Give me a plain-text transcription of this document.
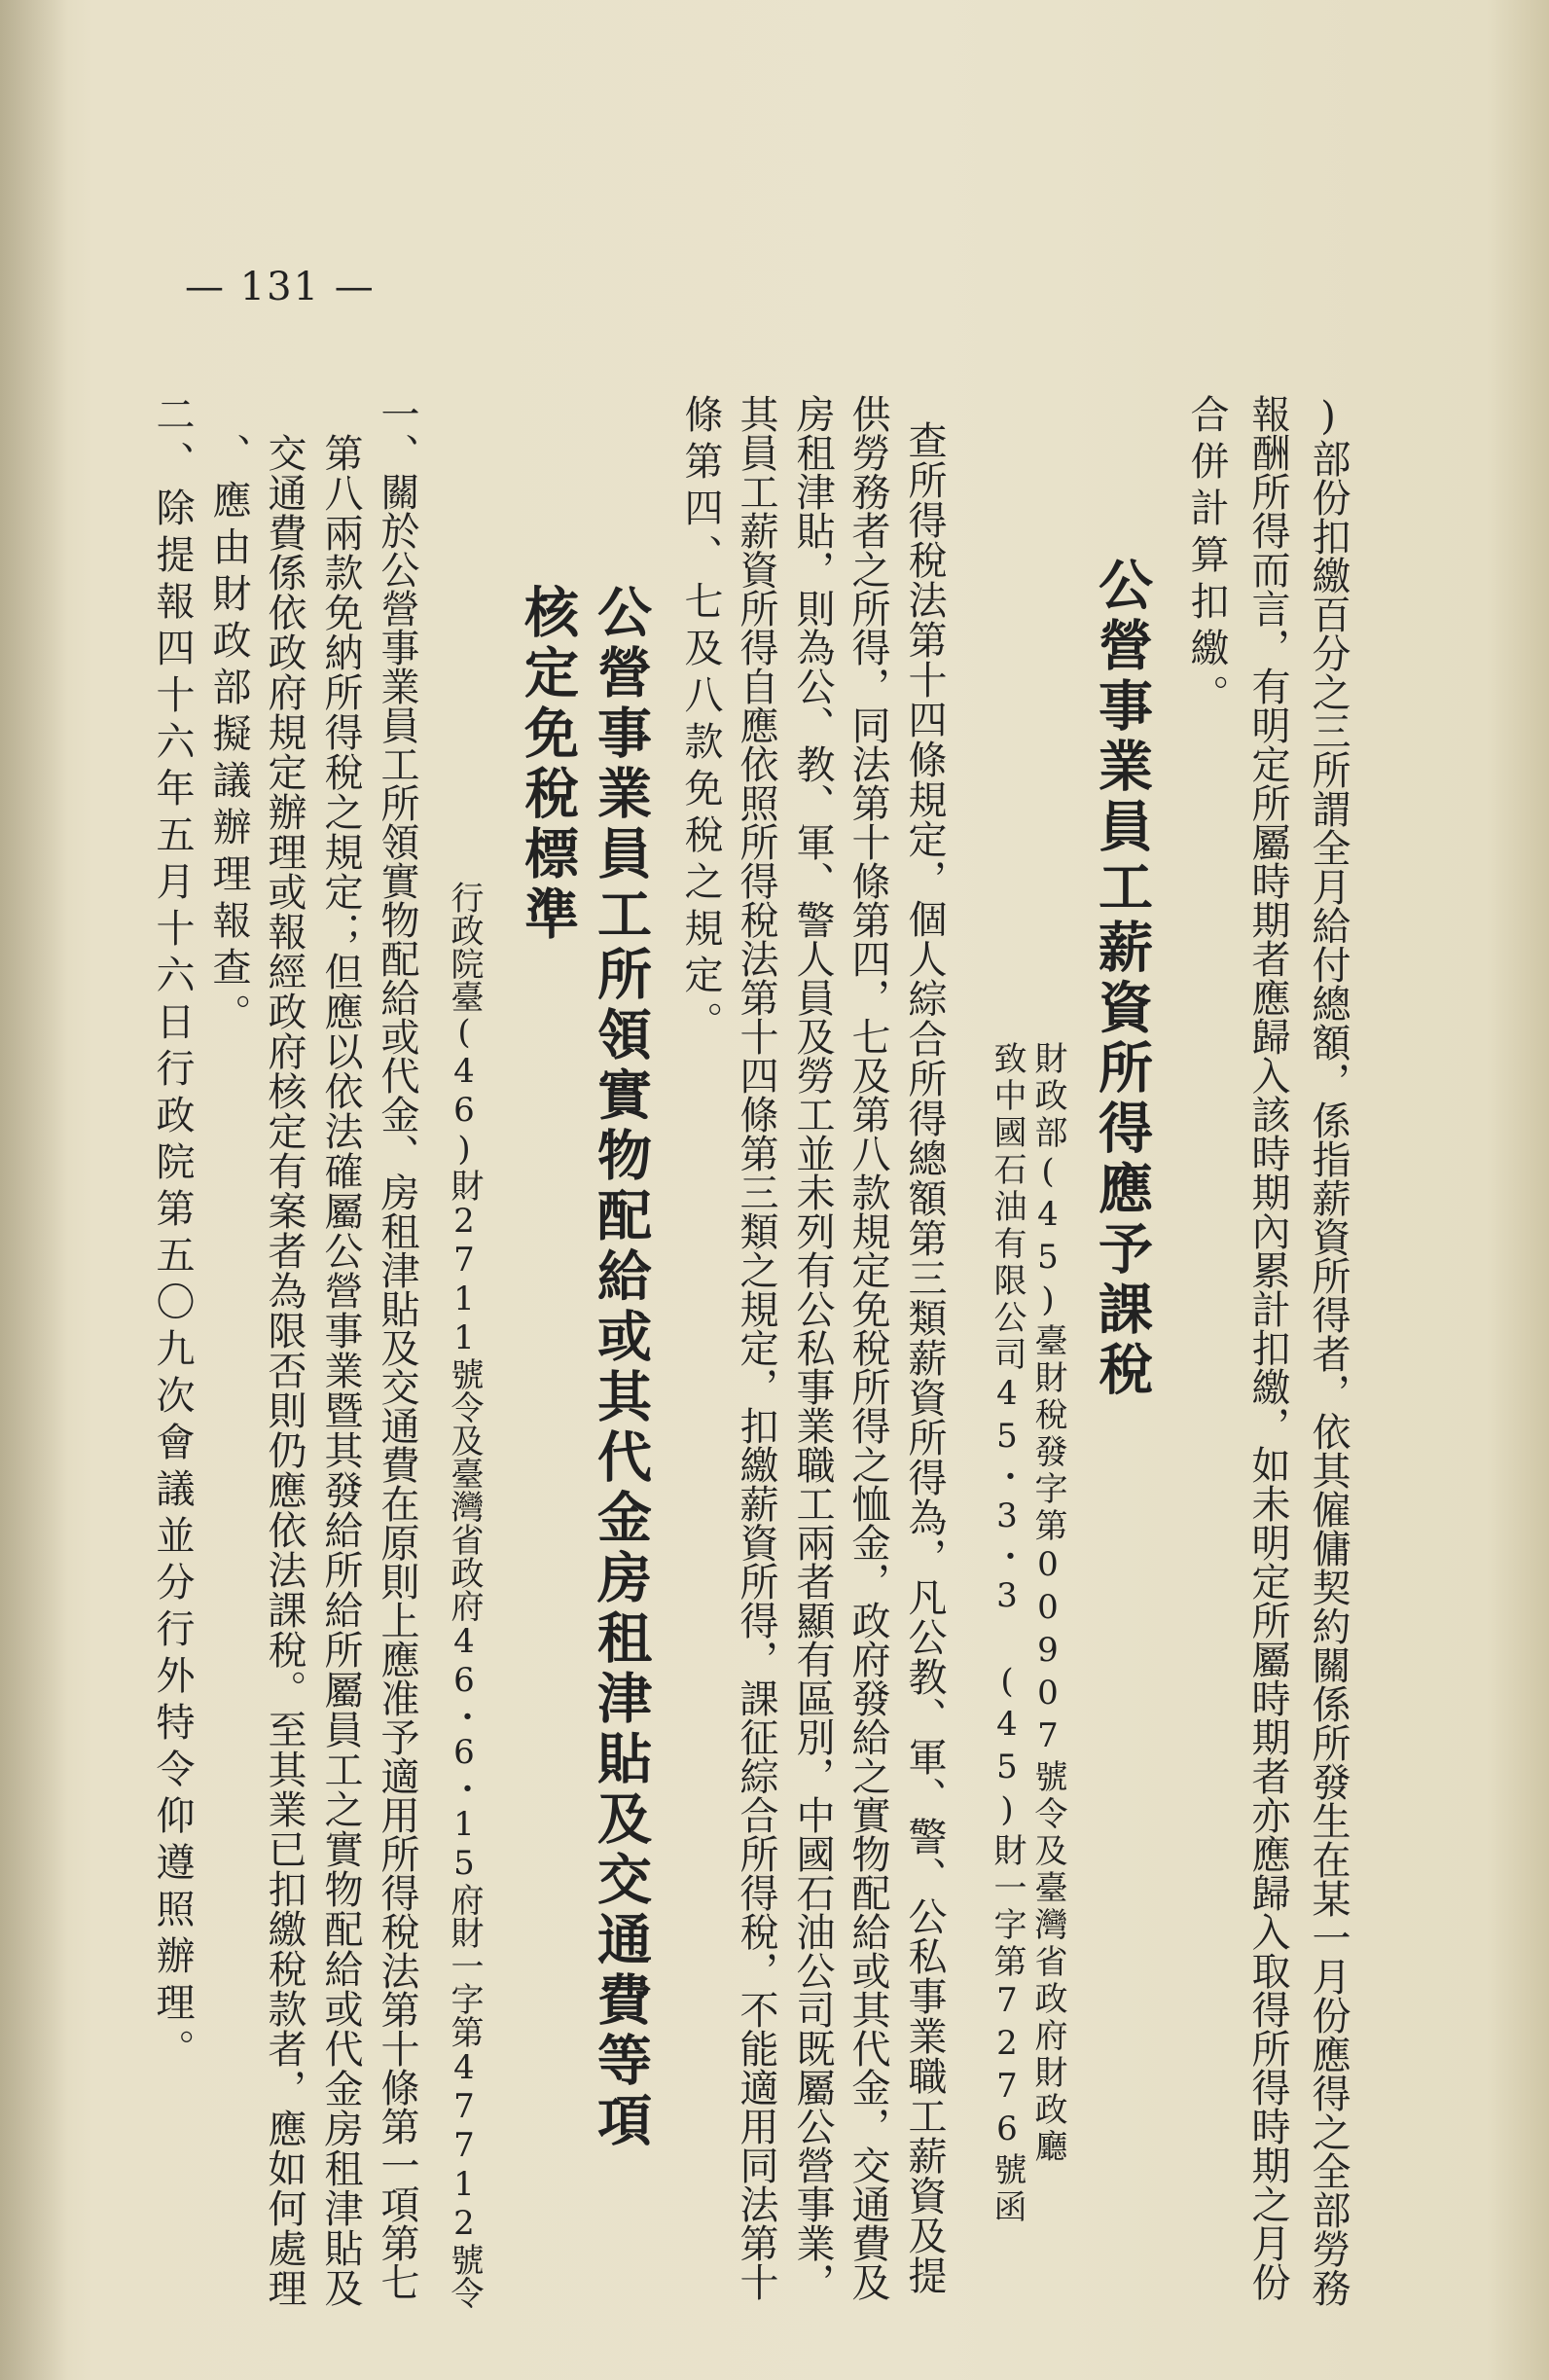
— 131 —
)部份扣繳百分之三所謂全月給付總額，係指薪資所得者，依其僱傭契約關係所發生在某一月份應得之全部勞務
報酬所得而言，有明定所屬時期者應歸入該時期內累計扣繳，如未明定所屬時期者亦應歸入取得所得時期之月份
合併計算扣繳。
公營事業員工薪資所得應予課稅
財政部(45)臺財稅發字第00907號令及臺灣省政府財政廳
致中國石油有限公司45・3・3 (45)財一字第7276號函
查所得稅法第十四條規定，個人綜合所得總額第三類薪資所得為，凡公教、軍、警、公私事業職工薪資及提
供勞務者之所得，同法第十條第四，七及第八款規定免稅所得之恤金，政府發給之實物配給或其代金，交通費及
房租津貼，則為公、教、軍、警人員及勞工並未列有公私事業職工兩者顯有區別，中國石油公司既屬公營事業，
其員工薪資所得自應依照所得稅法第十四條第三類之規定，扣繳薪資所得，課征綜合所得稅，不能適用同法第十
條第四、七及八款免稅之規定。
公營事業員工所領實物配給或其代金房租津貼及交通費等項
核定免稅標準
行政院臺(46)財2711號令及臺灣省政府46・6・15府財一字第47712號令
一、關於公營事業員工所領實物配給或代金、房租津貼及交通費在原則上應准予適用所得稅法第十條第一項第七
第八兩款免納所得稅之規定；但應以依法確屬公營事業暨其發給所給所屬員工之實物配給或代金房租津貼及
交通費係依政府規定辦理或報經政府核定有案者為限否則仍應依法課稅。至其業已扣繳稅款者，應如何處理
、應由財政部擬議辦理報查。
二、除提報四十六年五月十六日行政院第五〇九次會議並分行外特令仰遵照辦理。
